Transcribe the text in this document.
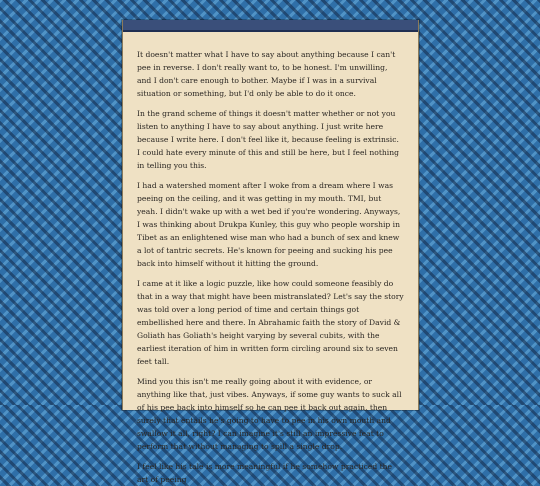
It doesn't matter what I have to say about anything because I can't pee in reverse. I don't really want to, to be honest. I'm unwilling, and I don't care enough to bother. Maybe if I was in a survival situation or something, but I'd only be able to do it once.

In the grand scheme of things it doesn't matter whether or not you listen to anything I have to say about anything. I just write here because I write here. I don't feel like it, because feeling is extrinsic. I could hate every minute of this and still be here, but I feel nothing in telling you this.

I had a watershed moment after I woke from a dream where I was peeing on the ceiling, and it was getting in my mouth. TMI, but yeah. I didn't wake up with a wet bed if you're wondering. Anyways, I was thinking about Drukpa Kunley, this guy who people worship in Tibet as an enlightened wise man who had a bunch of sex and knew a lot of tantric secrets. He's known for peeing and sucking his pee back into himself without it hitting the ground.

I came at it like a logic puzzle, like how could someone feasibly do that in a way that might have been mistranslated? Let's say the story was told over a long period of time and certain things got embellished here and there. In Abrahamic faith the story of David & Goliath has Goliath's height varying by several cubits, with the earliest iteration of him in written form circling around six to seven feet tall.

Mind you this isn't me really going about it with evidence, or anything like that, just vibes. Anyways, if some guy wants to suck all of his pee back into himself so he can pee it back out again, then surely that entails he's going to have to pee in his own mouth and swallow it all, right? I can imagine it's still an impressive feat to perform that without managing to spill a single drop.

I feel like his tale is more meaningful if he somehow practiced the art of peeing
